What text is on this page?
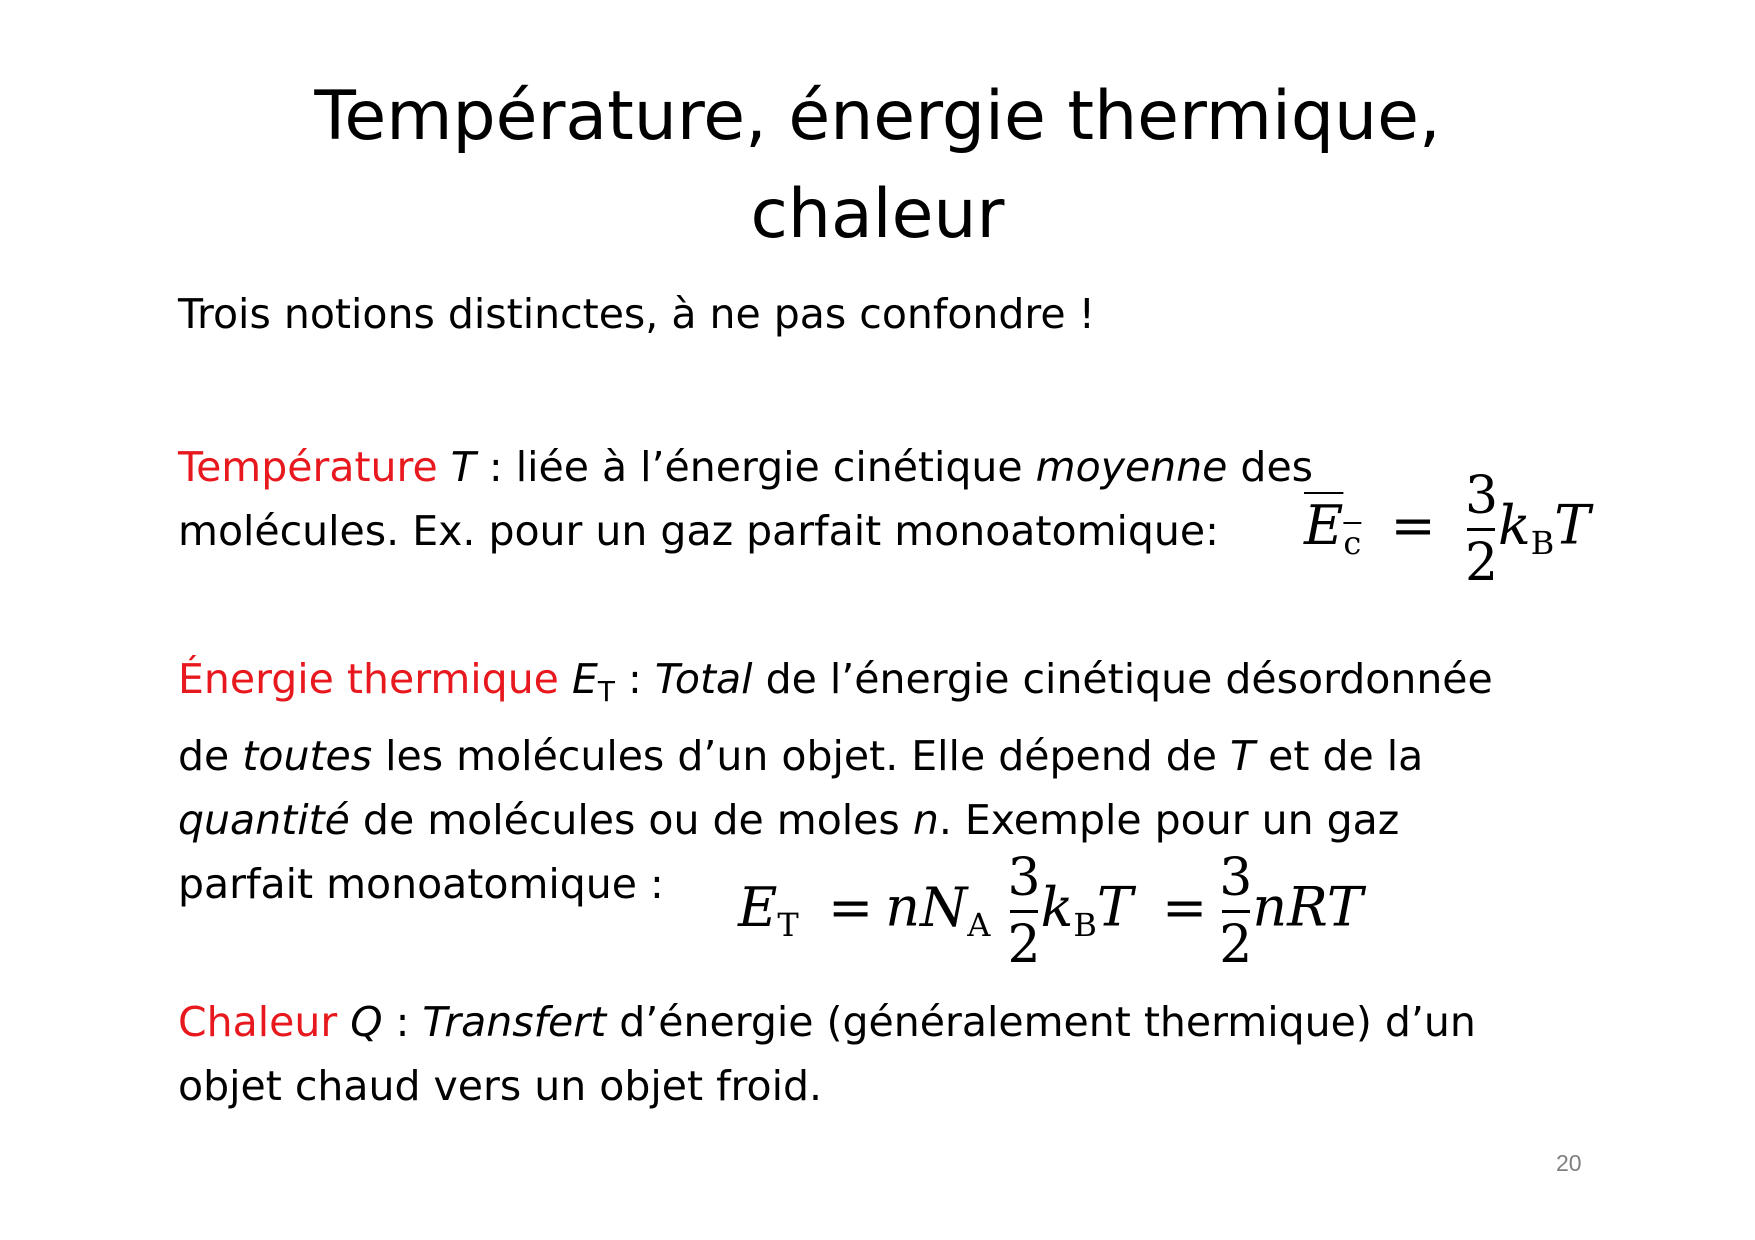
Température, énergie thermique,
chaleur

Trois notions distinctes, à ne pas confondre !

Température T : liée à l’énergie cinétique moyenne des
molécules. Ex. pour un gaz parfait monoatomique:	$E_c = \frac{3}{2} k_BT$

Énergie thermique ET : Total de l’énergie cinétique désordonnée
de toutes les molécules d’un objet. Elle dépend de T et de la
quantité de molécules ou de moles n. Exemple pour un gaz
parfait monoatomique :	$E_T = nN_A \frac{3}{2} k_BT = \frac{3}{2}$ nRT

Chaleur Q : Transfert d’énergie (généralement thermique) d’un
objet chaud vers un objet froid.

20
